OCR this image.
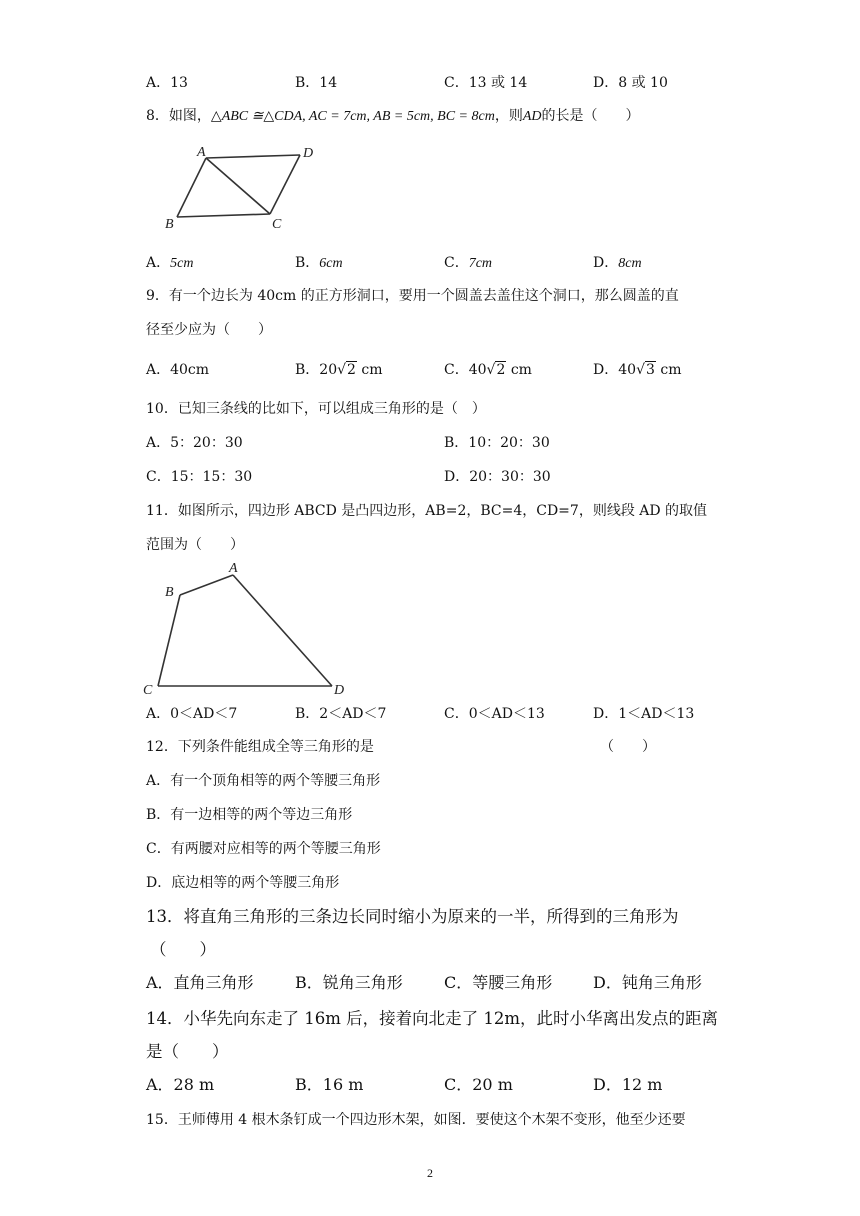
A．13	B．14	C．13 或 14	D．8 或 10
8．如图，△ABC ≅△CDA, AC = 7cm, AB = 5cm, BC = 8cm，则AD的长是（　　）
A	D
B	C
A．5cm	B．6cm	C．7cm	D．8cm
9．有一个边长为 40cm 的正方形洞口，要用一个圆盖去盖住这个洞口，那么圆盖的直
径至少应为（　　）
A．40cm	B．20√2 cm	C．40√2 cm	D．40√3 cm
10．已知三条线的比如下，可以组成三角形的是（　）
A．5：20：30	B．10：20：30
C．15：15：30	D．20：30：30
11．如图所示，四边形 ABCD 是凸四边形，AB=2，BC=4，CD=7，则线段 AD 的取值
范围为（　　）
A
B
C	D
A．0＜AD＜7	B．2＜AD＜7	C．0＜AD＜13	D．1＜AD＜13
12．下列条件能组成全等三角形的是	（　　）
A．有一个顶角相等的两个等腰三角形
B．有一边相等的两个等边三角形
C．有两腰对应相等的两个等腰三角形
D．底边相等的两个等腰三角形
13．将直角三角形的三条边长同时缩小为原来的一半，所得到的三角形为
（　　）
A．直角三角形	B．锐角三角形	C．等腰三角形	D．钝角三角形
14．小华先向东走了 16m 后，接着向北走了 12m，此时小华离出发点的距离
是（　　）
A．28 m	B．16 m	C．20 m	D．12 m
15．王师傅用 4 根木条钉成一个四边形木架，如图．要使这个木架不变形，他至少还要
2
